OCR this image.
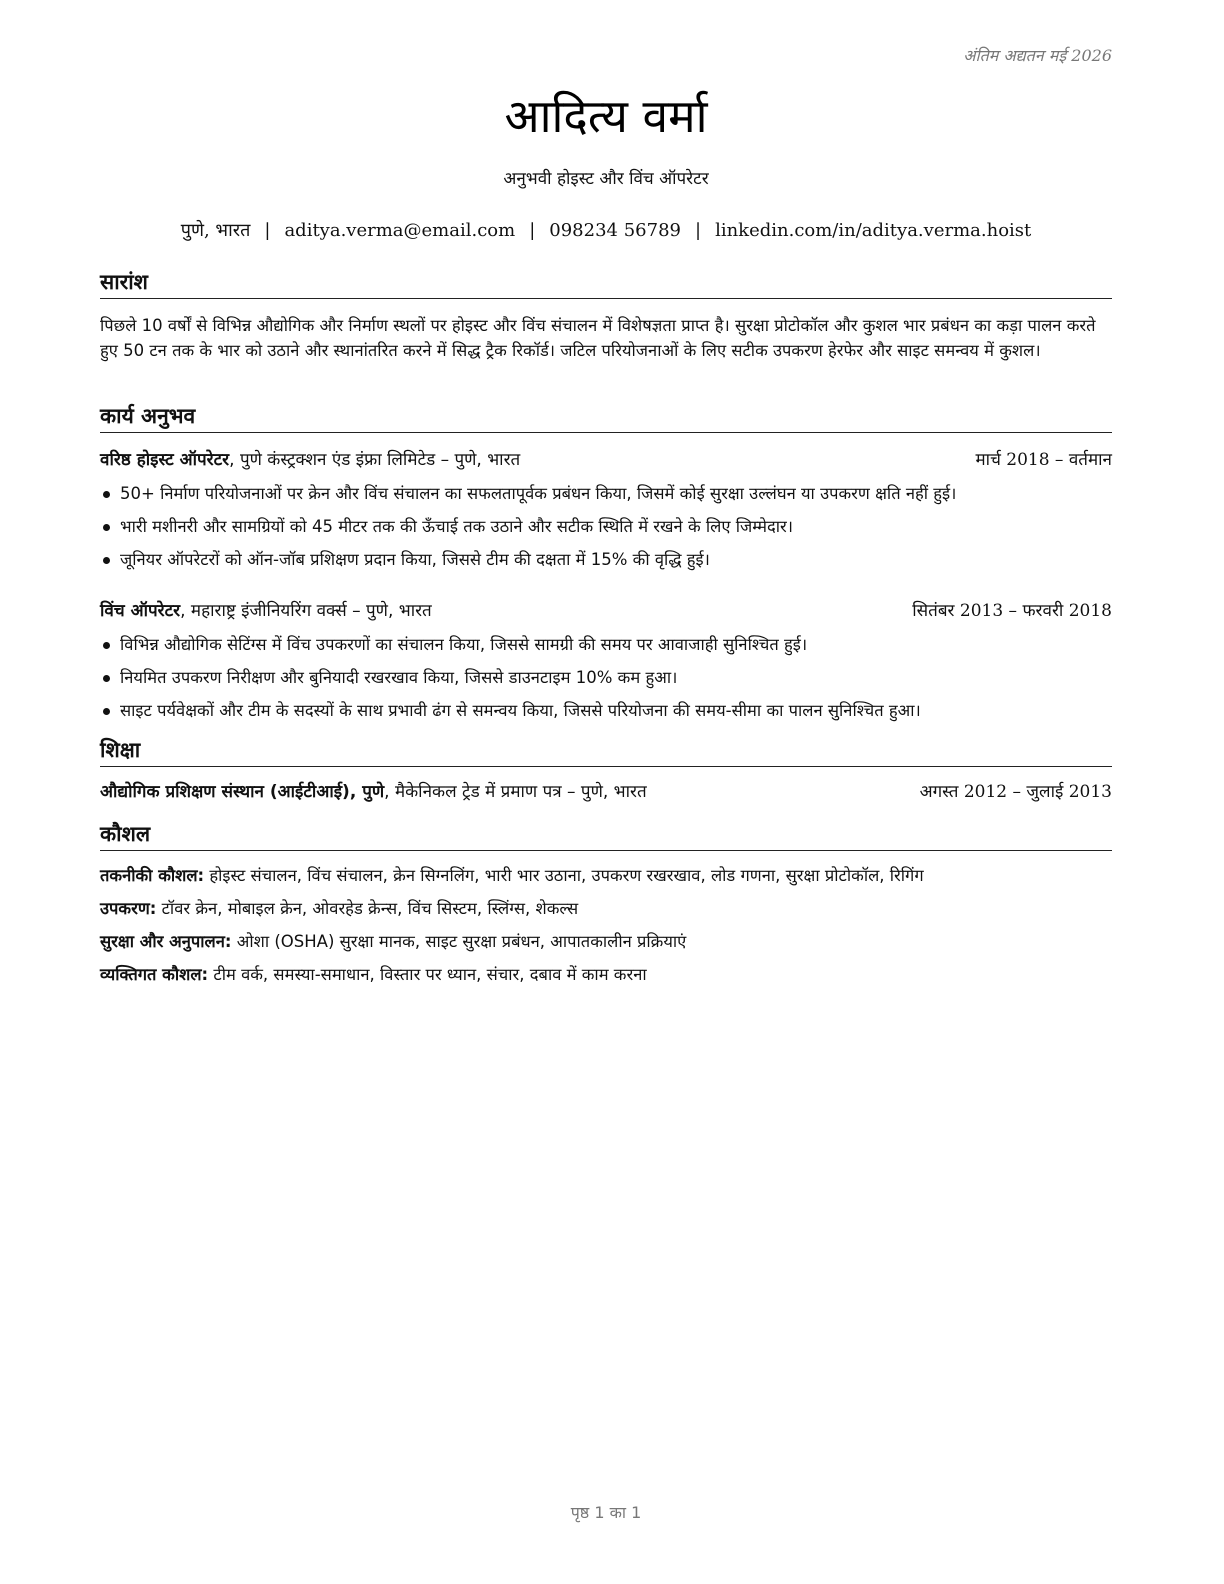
अंतिम अद्यतन मई 2026
आदित्य वर्मा
अनुभवी होइस्ट और विंच ऑपरेटर
पुणे, भारत | aditya.verma@email.com | 098234 56789 | linkedin.com/in/aditya.verma.hoist
सारांश
पिछले 10 वर्षों से विभिन्न औद्योगिक और निर्माण स्थलों पर होइस्ट और विंच संचालन में विशेषज्ञता प्राप्त है। सुरक्षा प्रोटोकॉल और कुशल भार प्रबंधन का कड़ा पालन करते हुए 50 टन तक के भार को उठाने और स्थानांतरित करने में सिद्ध ट्रैक रिकॉर्ड। जटिल परियोजनाओं के लिए सटीक उपकरण हेरफेर और साइट समन्वय में कुशल।
कार्य अनुभव
वरिष्ठ होइस्ट ऑपरेटर, पुणे कंस्ट्रक्शन एंड इंफ्रा लिमिटेड – पुणे, भारत	मार्च 2018 – वर्तमान
50+ निर्माण परियोजनाओं पर क्रेन और विंच संचालन का सफलतापूर्वक प्रबंधन किया, जिसमें कोई सुरक्षा उल्लंघन या उपकरण क्षति नहीं हुई।
भारी मशीनरी और सामग्रियों को 45 मीटर तक की ऊँचाई तक उठाने और सटीक स्थिति में रखने के लिए जिम्मेदार।
जूनियर ऑपरेटरों को ऑन-जॉब प्रशिक्षण प्रदान किया, जिससे टीम की दक्षता में 15% की वृद्धि हुई।
विंच ऑपरेटर, महाराष्ट्र इंजीनियरिंग वर्क्स – पुणे, भारत	सितंबर 2013 – फरवरी 2018
विभिन्न औद्योगिक सेटिंग्स में विंच उपकरणों का संचालन किया, जिससे सामग्री की समय पर आवाजाही सुनिश्चित हुई।
नियमित उपकरण निरीक्षण और बुनियादी रखरखाव किया, जिससे डाउनटाइम 10% कम हुआ।
साइट पर्यवेक्षकों और टीम के सदस्यों के साथ प्रभावी ढंग से समन्वय किया, जिससे परियोजना की समय-सीमा का पालन सुनिश्चित हुआ।
शिक्षा
औद्योगिक प्रशिक्षण संस्थान (आईटीआई), पुणे, मैकेनिकल ट्रेड में प्रमाण पत्र – पुणे, भारत	अगस्त 2012 – जुलाई 2013
कौशल
तकनीकी कौशल: होइस्ट संचालन, विंच संचालन, क्रेन सिग्नलिंग, भारी भार उठाना, उपकरण रखरखाव, लोड गणना, सुरक्षा प्रोटोकॉल, रिगिंग
उपकरण: टॉवर क्रेन, मोबाइल क्रेन, ओवरहेड क्रेन्स, विंच सिस्टम, स्लिंग्स, शेकल्स
सुरक्षा और अनुपालन: ओशा (OSHA) सुरक्षा मानक, साइट सुरक्षा प्रबंधन, आपातकालीन प्रक्रियाएं
व्यक्तिगत कौशल: टीम वर्क, समस्या-समाधान, विस्तार पर ध्यान, संचार, दबाव में काम करना
पृष्ठ 1 का 1
